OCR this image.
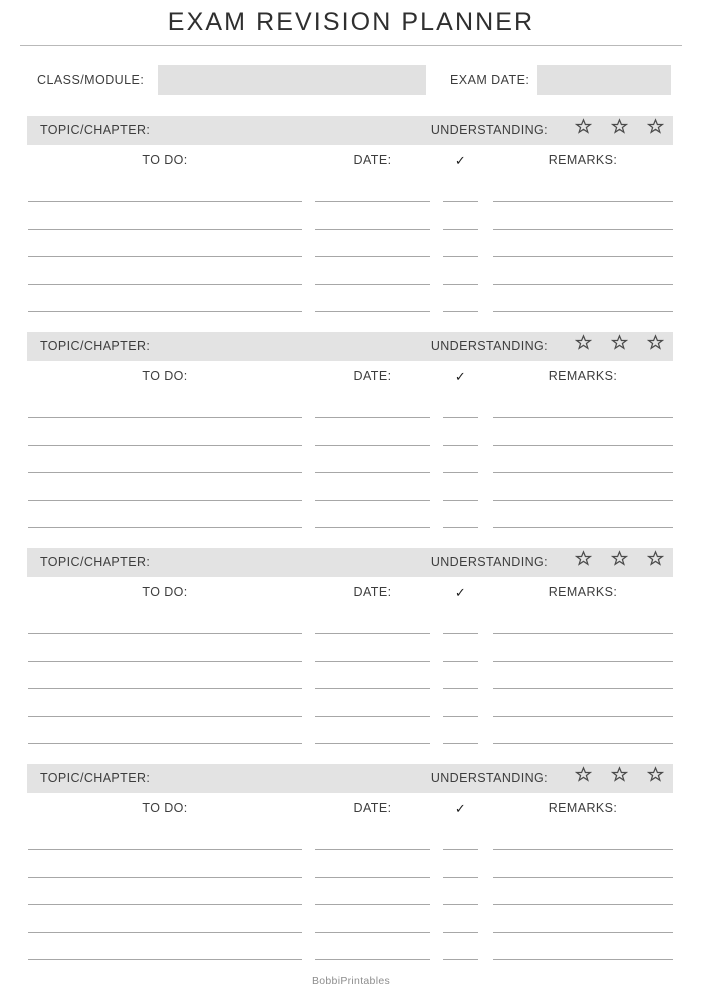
EXAM REVISION PLANNER
CLASS/MODULE:	EXAM DATE:
TOPIC/CHAPTER:	UNDERSTANDING:
TO DO:	DATE:	✓	REMARKS:
TOPIC/CHAPTER:	UNDERSTANDING:
TO DO:	DATE:	✓	REMARKS:
TOPIC/CHAPTER:	UNDERSTANDING:
TO DO:	DATE:	✓	REMARKS:
TOPIC/CHAPTER:	UNDERSTANDING:
TO DO:	DATE:	✓	REMARKS:
BobbiPrintables
